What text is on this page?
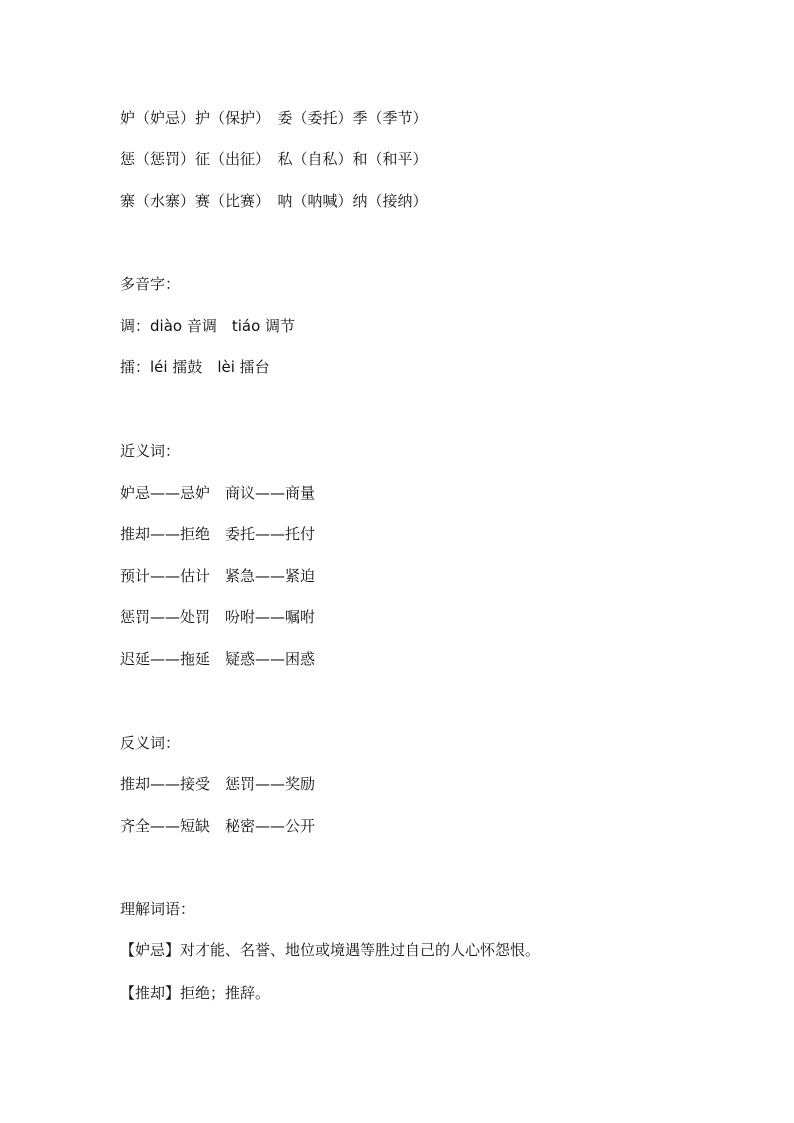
妒（妒忌）护（保护）　委（委托）季（季节）
惩（惩罚）征（出征）　私（自私）和（和平）
寨（水寨）赛（比赛）　呐（呐喊）纳（接纳）
多音字：
调：diào 音调　tiáo 调节
擂：léi 擂鼓　lèi 擂台
近义词：
妒忌——忌妒　商议——商量
推却——拒绝　委托——托付
预计——估计　紧急——紧迫
惩罚——处罚　吩咐——嘱咐
迟延——拖延　疑惑——困惑
反义词：
推却——接受　惩罚——奖励
齐全——短缺　秘密——公开
理解词语：
【妒忌】对才能、名誉、地位或境遇等胜过自己的人心怀怨恨。
【推却】拒绝；推辞。
